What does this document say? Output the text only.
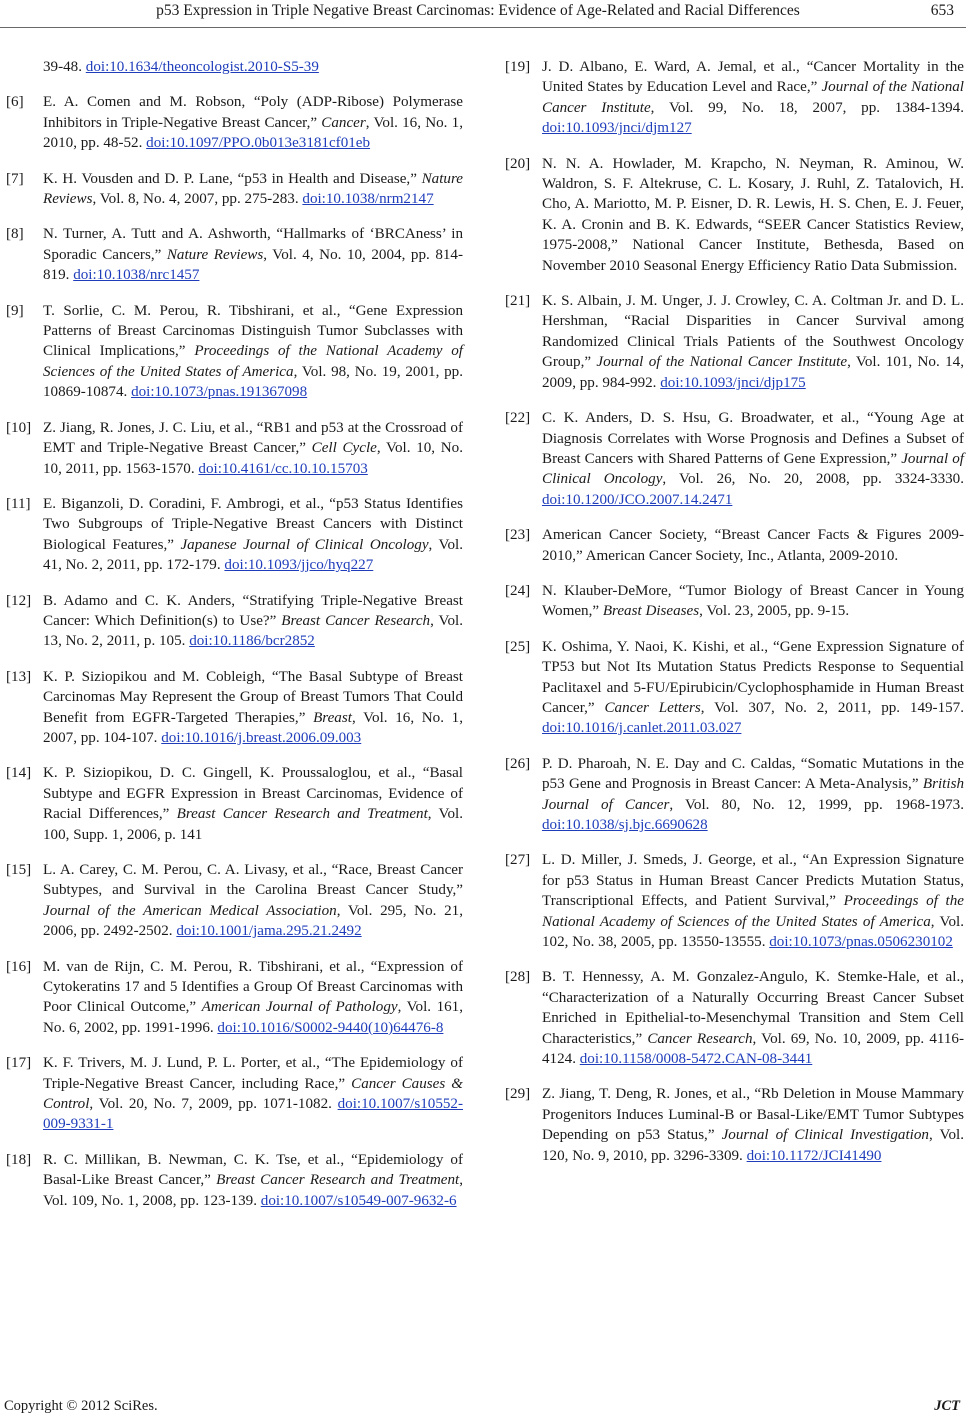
p53 Expression in Triple Negative Breast Carcinomas: Evidence of Age-Related and Racial Differences	653
39-48. doi:10.1634/theoncologist.2010-S5-39
[6] E. A. Comen and M. Robson, “Poly (ADP-Ribose) Polymerase Inhibitors in Triple-Negative Breast Cancer,” Cancer, Vol. 16, No. 1, 2010, pp. 48-52. doi:10.1097/PPO.0b013e3181cf01eb
[7] K. H. Vousden and D. P. Lane, “p53 in Health and Disease,” Nature Reviews, Vol. 8, No. 4, 2007, pp. 275-283. doi:10.1038/nrm2147
[8] N. Turner, A. Tutt and A. Ashworth, “Hallmarks of ‘BRCAness’ in Sporadic Cancers,” Nature Reviews, Vol. 4, No. 10, 2004, pp. 814-819. doi:10.1038/nrc1457
[9] T. Sorlie, C. M. Perou, R. Tibshirani, et al., “Gene Expression Patterns of Breast Carcinomas Distinguish Tumor Subclasses with Clinical Implications,” Proceedings of the National Academy of Sciences of the United States of America, Vol. 98, No. 19, 2001, pp. 10869-10874. doi:10.1073/pnas.191367098
[10] Z. Jiang, R. Jones, J. C. Liu, et al., “RB1 and p53 at the Crossroad of EMT and Triple-Negative Breast Cancer,” Cell Cycle, Vol. 10, No. 10, 2011, pp. 1563-1570. doi:10.4161/cc.10.10.15703
[11] E. Biganzoli, D. Coradini, F. Ambrogi, et al., “p53 Status Identifies Two Subgroups of Triple-Negative Breast Cancers with Distinct Biological Features,” Japanese Journal of Clinical Oncology, Vol. 41, No. 2, 2011, pp. 172-179. doi:10.1093/jjco/hyq227
[12] B. Adamo and C. K. Anders, “Stratifying Triple-Negative Breast Cancer: Which Definition(s) to Use?” Breast Cancer Research, Vol. 13, No. 2, 2011, p. 105. doi:10.1186/bcr2852
[13] K. P. Siziopikou and M. Cobleigh, “The Basal Subtype of Breast Carcinomas May Represent the Group of Breast Tumors That Could Benefit from EGFR-Targeted Therapies,” Breast, Vol. 16, No. 1, 2007, pp. 104-107. doi:10.1016/j.breast.2006.09.003
[14] K. P. Siziopikou, D. C. Gingell, K. Proussaloglou, et al., “Basal Subtype and EGFR Expression in Breast Carcinomas, Evidence of Racial Differences,” Breast Cancer Research and Treatment, Vol. 100, Supp. 1, 2006, p. 141
[15] L. A. Carey, C. M. Perou, C. A. Livasy, et al., “Race, Breast Cancer Subtypes, and Survival in the Carolina Breast Cancer Study,” Journal of the American Medical Association, Vol. 295, No. 21, 2006, pp. 2492-2502. doi:10.1001/jama.295.21.2492
[16] M. van de Rijn, C. M. Perou, R. Tibshirani, et al., “Expression of Cytokeratins 17 and 5 Identifies a Group Of Breast Carcinomas with Poor Clinical Outcome,” American Journal of Pathology, Vol. 161, No. 6, 2002, pp. 1991-1996. doi:10.1016/S0002-9440(10)64476-8
[17] K. F. Trivers, M. J. Lund, P. L. Porter, et al., “The Epidemiology of Triple-Negative Breast Cancer, including Race,” Cancer Causes & Control, Vol. 20, No. 7, 2009, pp. 1071-1082. doi:10.1007/s10552-009-9331-1
[18] R. C. Millikan, B. Newman, C. K. Tse, et al., “Epidemiology of Basal-Like Breast Cancer,” Breast Cancer Research and Treatment, Vol. 109, No. 1, 2008, pp. 123-139. doi:10.1007/s10549-007-9632-6
[19] J. D. Albano, E. Ward, A. Jemal, et al., “Cancer Mortality in the United States by Education Level and Race,” Journal of the National Cancer Institute, Vol. 99, No. 18, 2007, pp. 1384-1394. doi:10.1093/jnci/djm127
[20] N. N. A. Howlader, M. Krapcho, N. Neyman, R. Aminou, W. Waldron, S. F. Altekruse, C. L. Kosary, J. Ruhl, Z. Tatalovich, H. Cho, A. Mariotto, M. P. Eisner, D. R. Lewis, H. S. Chen, E. J. Feuer, K. A. Cronin and B. K. Edwards, “SEER Cancer Statistics Review, 1975-2008,” National Cancer Institute, Bethesda, Based on November 2010 Seasonal Energy Efficiency Ratio Data Submission.
[21] K. S. Albain, J. M. Unger, J. J. Crowley, C. A. Coltman Jr. and D. L. Hershman, “Racial Disparities in Cancer Survival among Randomized Clinical Trials Patients of the Southwest Oncology Group,” Journal of the National Cancer Institute, Vol. 101, No. 14, 2009, pp. 984-992. doi:10.1093/jnci/djp175
[22] C. K. Anders, D. S. Hsu, G. Broadwater, et al., “Young Age at Diagnosis Correlates with Worse Prognosis and Defines a Subset of Breast Cancers with Shared Patterns of Gene Expression,” Journal of Clinical Oncology, Vol. 26, No. 20, 2008, pp. 3324-3330. doi:10.1200/JCO.2007.14.2471
[23] American Cancer Society, “Breast Cancer Facts & Figures 2009-2010,” American Cancer Society, Inc., Atlanta, 2009-2010.
[24] N. Klauber-DeMore, “Tumor Biology of Breast Cancer in Young Women,” Breast Diseases, Vol. 23, 2005, pp. 9-15.
[25] K. Oshima, Y. Naoi, K. Kishi, et al., “Gene Expression Signature of TP53 but Not Its Mutation Status Predicts Response to Sequential Paclitaxel and 5-FU/Epirubicin/Cyclophosphamide in Human Breast Cancer,” Cancer Letters, Vol. 307, No. 2, 2011, pp. 149-157. doi:10.1016/j.canlet.2011.03.027
[26] P. D. Pharoah, N. E. Day and C. Caldas, “Somatic Mutations in the p53 Gene and Prognosis in Breast Cancer: A Meta-Analysis,” British Journal of Cancer, Vol. 80, No. 12, 1999, pp. 1968-1973. doi:10.1038/sj.bjc.6690628
[27] L. D. Miller, J. Smeds, J. George, et al., “An Expression Signature for p53 Status in Human Breast Cancer Predicts Mutation Status, Transcriptional Effects, and Patient Survival,” Proceedings of the National Academy of Sciences of the United States of America, Vol. 102, No. 38, 2005, pp. 13550-13555. doi:10.1073/pnas.0506230102
[28] B. T. Hennessy, A. M. Gonzalez-Angulo, K. Stemke-Hale, et al., “Characterization of a Naturally Occurring Breast Cancer Subset Enriched in Epithelial-to-Mesenchymal Transition and Stem Cell Characteristics,” Cancer Research, Vol. 69, No. 10, 2009, pp. 4116-4124. doi:10.1158/0008-5472.CAN-08-3441
[29] Z. Jiang, T. Deng, R. Jones, et al., “Rb Deletion in Mouse Mammary Progenitors Induces Luminal-B or Basal-Like/EMT Tumor Subtypes Depending on p53 Status,” Journal of Clinical Investigation, Vol. 120, No. 9, 2010, pp. 3296-3309. doi:10.1172/JCI41490
Copyright © 2012 SciRes.	JCT
